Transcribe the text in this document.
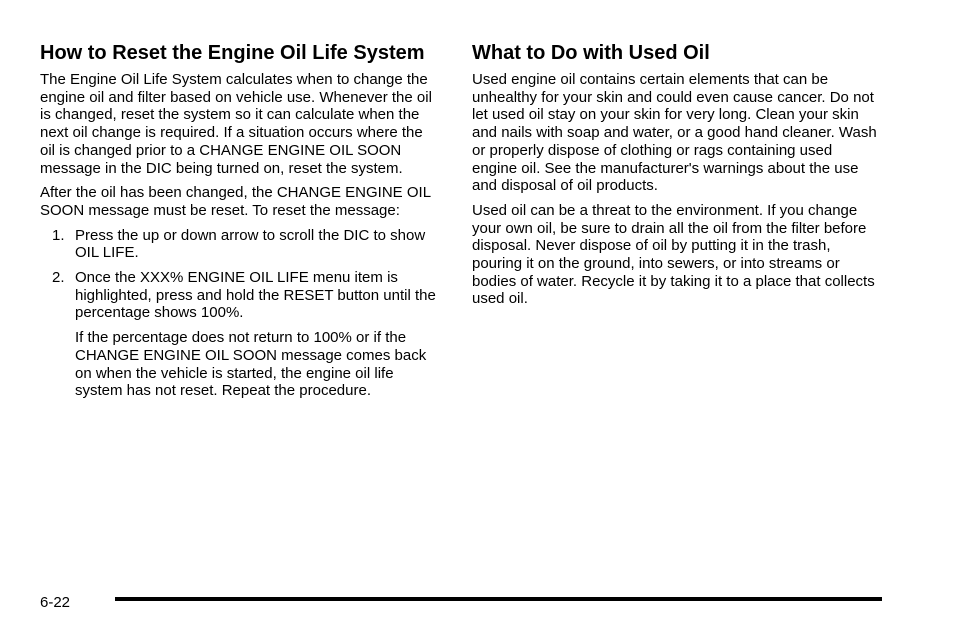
How to Reset the Engine Oil Life System

The Engine Oil Life System calculates when to change the engine oil and filter based on vehicle use. Whenever the oil is changed, reset the system so it can calculate when the next oil change is required. If a situation occurs where the oil is changed prior to a CHANGE ENGINE OIL SOON message in the DIC being turned on, reset the system.

After the oil has been changed, the CHANGE ENGINE OIL SOON message must be reset. To reset the message:

1. Press the up or down arrow to scroll the DIC to show OIL LIFE.

2. Once the XXX% ENGINE OIL LIFE menu item is highlighted, press and hold the RESET button until the percentage shows 100%.

If the percentage does not return to 100% or if the CHANGE ENGINE OIL SOON message comes back on when the vehicle is started, the engine oil life system has not reset. Repeat the procedure.

What to Do with Used Oil

Used engine oil contains certain elements that can be unhealthy for your skin and could even cause cancer. Do not let used oil stay on your skin for very long. Clean your skin and nails with soap and water, or a good hand cleaner. Wash or properly dispose of clothing or rags containing used engine oil. See the manufacturer's warnings about the use and disposal of oil products.

Used oil can be a threat to the environment. If you change your own oil, be sure to drain all the oil from the filter before disposal. Never dispose of oil by putting it in the trash, pouring it on the ground, into sewers, or into streams or bodies of water. Recycle it by taking it to a place that collects used oil.

6-22
